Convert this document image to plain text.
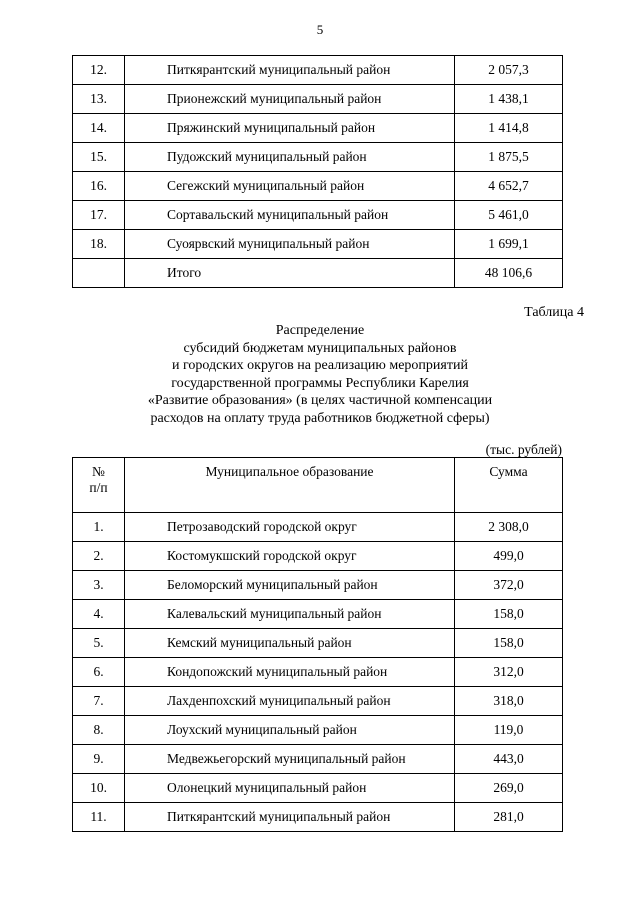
5
12.	Питкярантский муниципальный район	2 057,3
13.	Прионежский муниципальный район	1 438,1
14.	Пряжинский муниципальный район	1 414,8
15.	Пудожский муниципальный район	1 875,5
16.	Сегежский муниципальный район	4 652,7
17.	Сортавальский муниципальный район	5 461,0
18.	Суоярвский муниципальный район	1 699,1
	Итого	48 106,6
Таблица 4
Распределение
субсидий бюджетам муниципальных районов
и городских округов на реализацию мероприятий
государственной программы Республики Карелия
«Развитие образования» (в целях частичной компенсации
расходов на оплату труда работников бюджетной сферы)
(тыс. рублей)
№
п/п	Муниципальное образование	Сумма
1.	Петрозаводский городской округ	2 308,0
2.	Костомукшский городской округ	499,0
3.	Беломорский муниципальный район	372,0
4.	Калевальский муниципальный район	158,0
5.	Кемский муниципальный район	158,0
6.	Кондопожский муниципальный район	312,0
7.	Лахденпохский муниципальный район	318,0
8.	Лоухский муниципальный район	119,0
9.	Медвежьегорский муниципальный район	443,0
10.	Олонецкий муниципальный район	269,0
11.	Питкярантский муниципальный район	281,0
